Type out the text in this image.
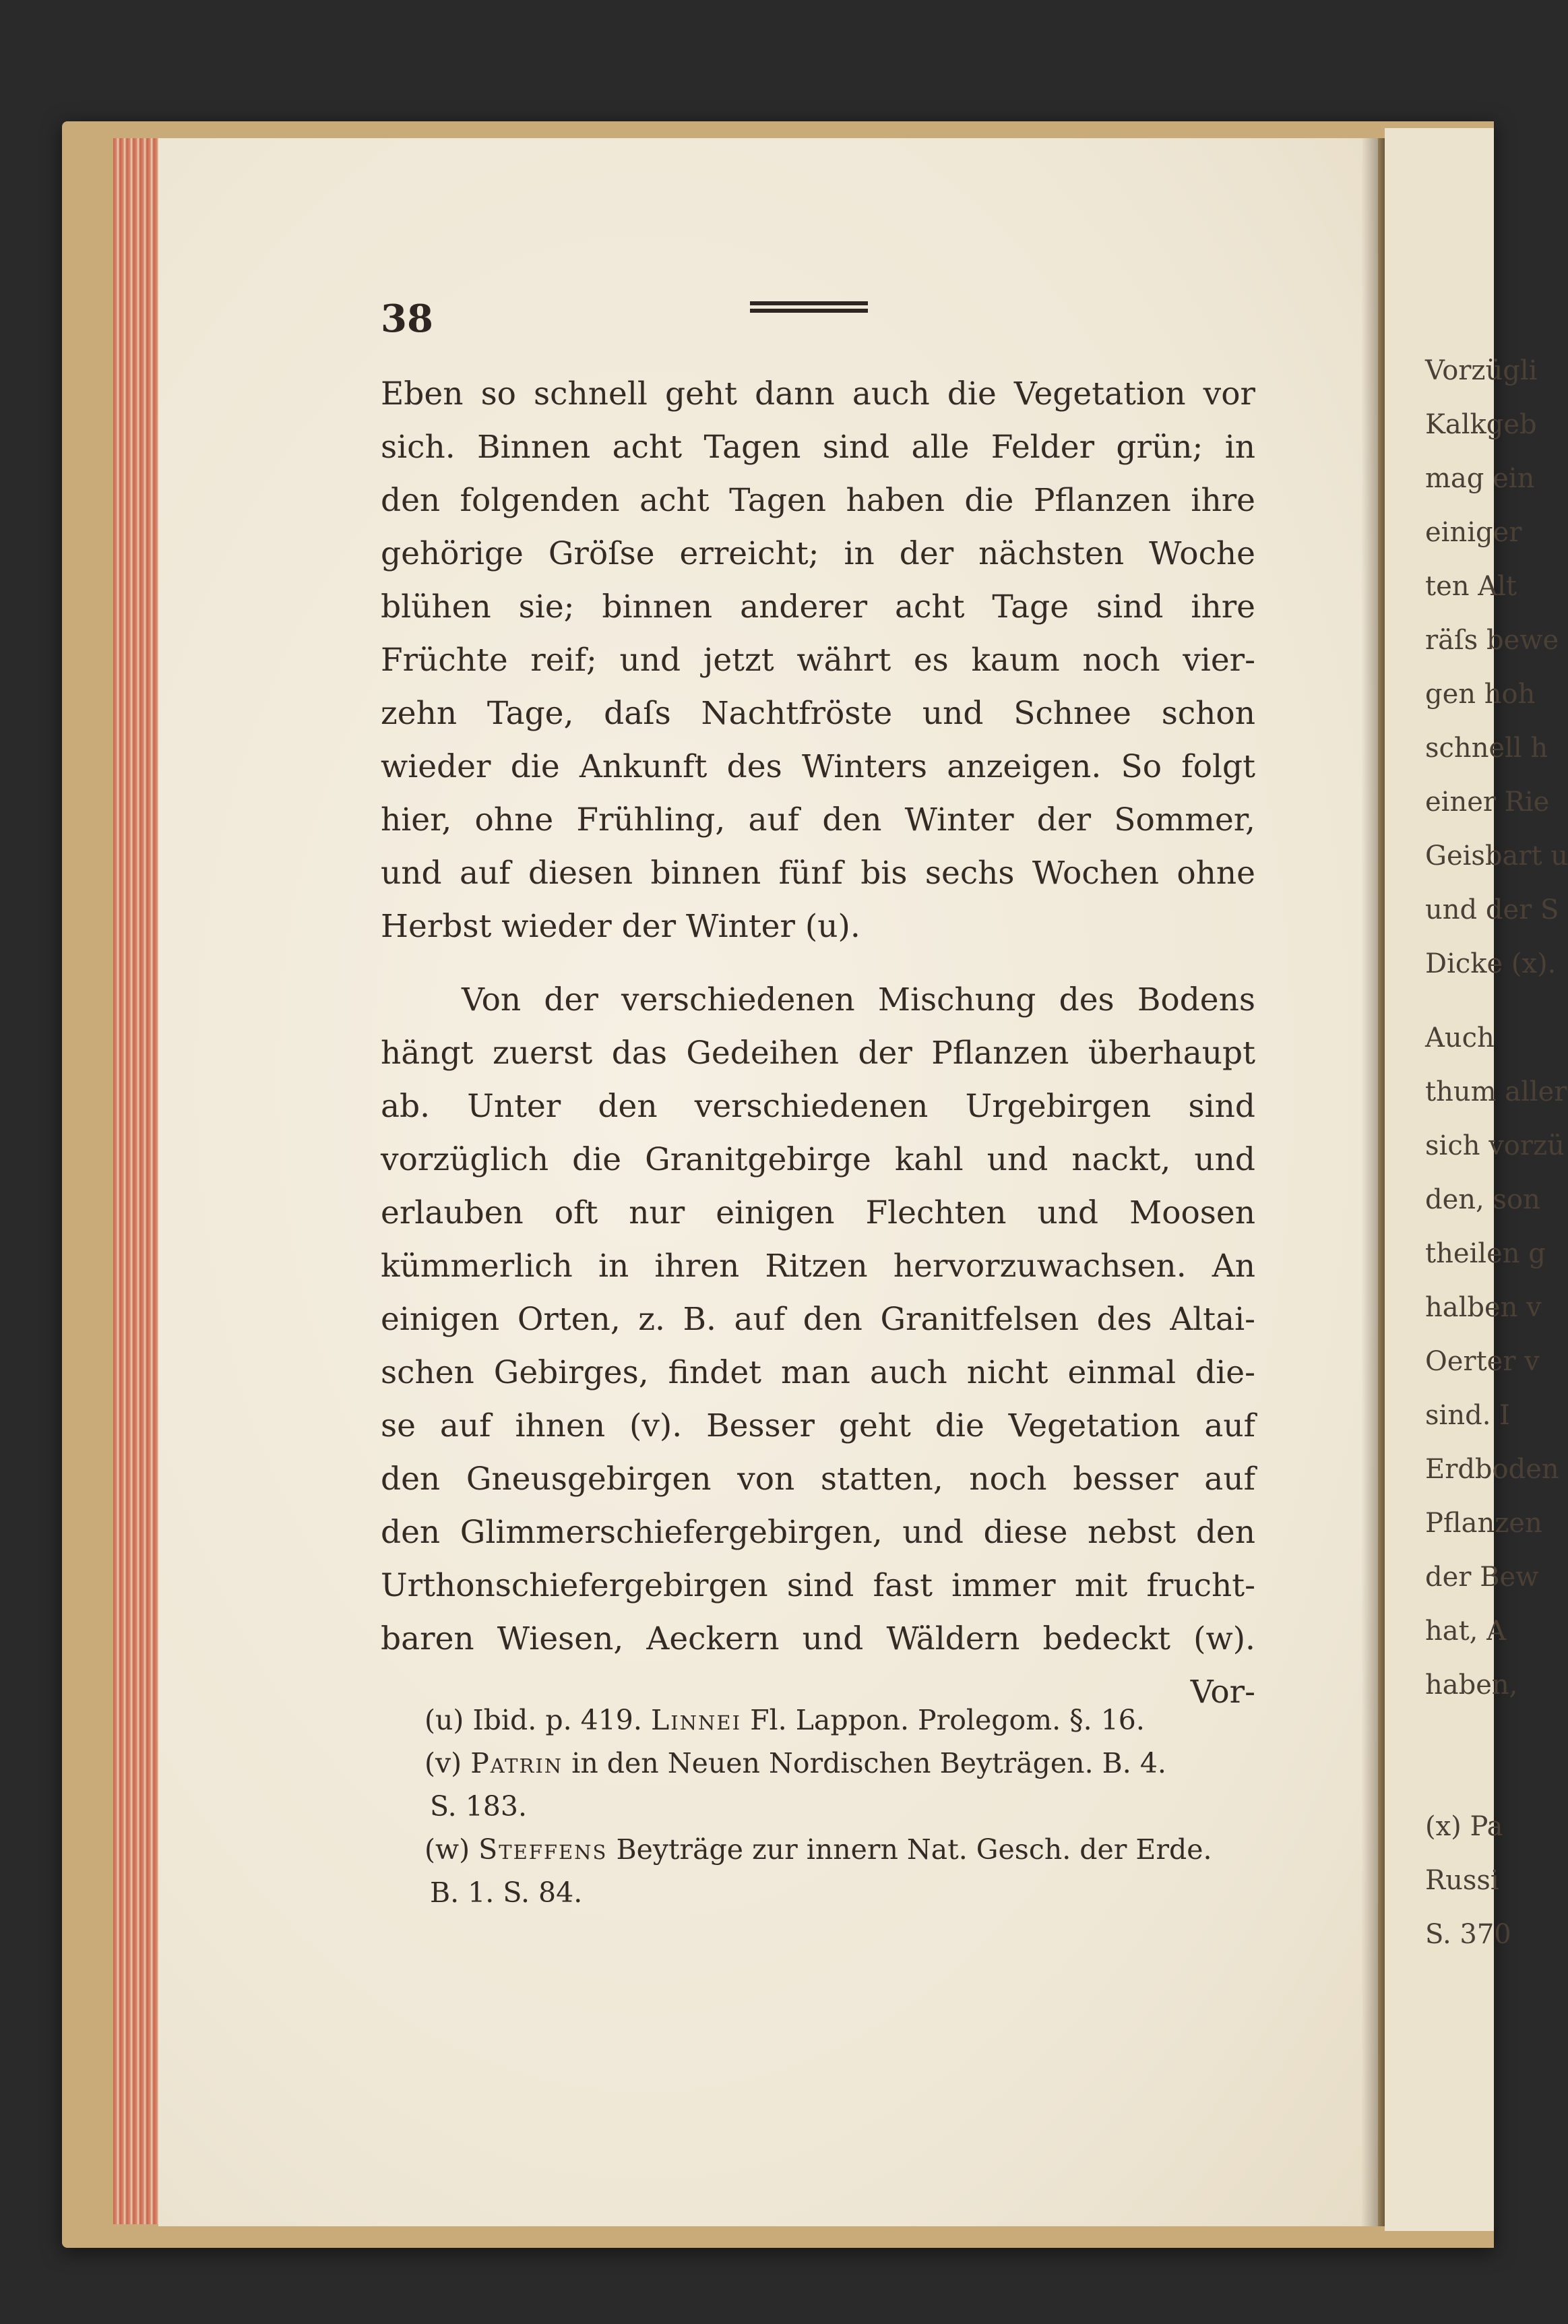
Vorzügli
Kalkgeb
mag ein
einiger
ten Alt
räſs bewe
gen hoh
schnell h
einer Rie
Geisbart u
und der S
Dicke (x).
Auch
thum aller
sich vorzü
den, son
theilen g
halben v
Oerter v
sind. I
Erdboden
Pflanzen
der Bew
hat, A
haben,
(x) Pa
Russi
S. 370
38
Eben so schnell geht dann auch die Vegetation vor
sich. Binnen acht Tagen sind alle Felder grün; in
den folgenden acht Tagen haben die Pflanzen ihre
gehörige Gröſse erreicht; in der nächsten Woche
blühen sie; binnen anderer acht Tage sind ihre
Früchte reif; und jetzt währt es kaum noch vier-
zehn Tage, daſs Nachtfröste und Schnee schon
wieder die Ankunft des Winters anzeigen. So folgt
hier, ohne Frühling, auf den Winter der Sommer,
und auf diesen binnen fünf bis sechs Wochen ohne
Herbst wieder der Winter (u).
Von der verschiedenen Mischung des Bodens
hängt zuerst das Gedeihen der Pflanzen überhaupt
ab. Unter den verschiedenen Urgebirgen sind
vorzüglich die Granitgebirge kahl und nackt, und
erlauben oft nur einigen Flechten und Moosen
kümmerlich in ihren Ritzen hervorzuwachsen. An
einigen Orten, z. B. auf den Granitfelsen des Altai-
schen Gebirges, findet man auch nicht einmal die-
se auf ihnen (v). Besser geht die Vegetation auf
den Gneusgebirgen von statten, noch besser auf
den Glimmerschiefergebirgen, und diese nebst den
Urthonschiefergebirgen sind fast immer mit frucht-
baren Wiesen, Aeckern und Wäldern bedeckt (w).
Vor-
(u) Ibid. p. 419. Linnei Fl. Lappon. Prolegom. §. 16.
(v) Patrin in den Neuen Nordischen Beyträgen. B. 4.
S. 183.
(w) Steffens Beyträge zur innern Nat. Gesch. der Erde.
B. 1. S. 84.
